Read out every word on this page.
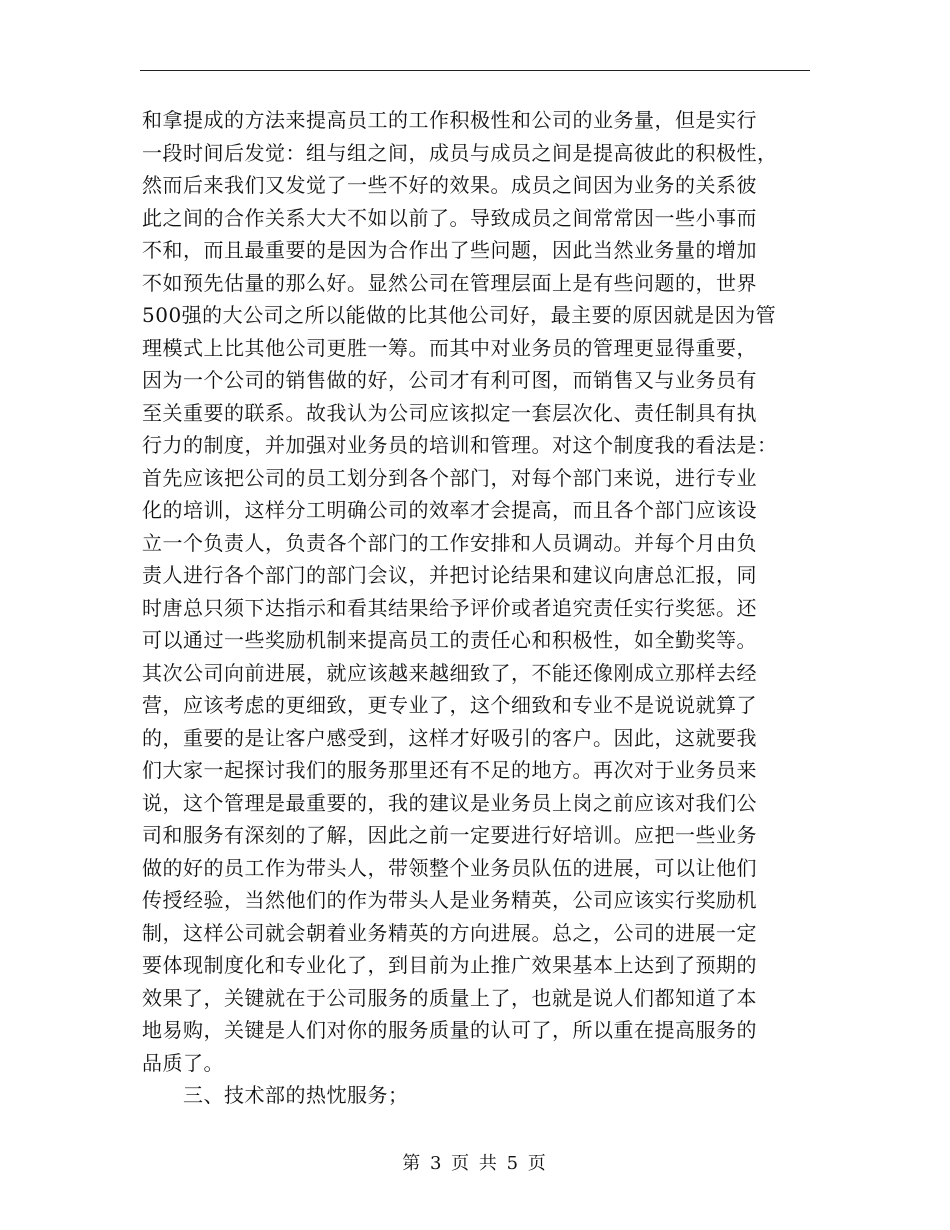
和拿提成的方法来提高员工的工作积极性和公司的业务量，但是实行
一段时间后发觉：组与组之间，成员与成员之间是提高彼此的积极性，
然而后来我们又发觉了一些不好的效果。成员之间因为业务的关系彼
此之间的合作关系大大不如以前了。导致成员之间常常因一些小事而
不和，而且最重要的是因为合作出了些问题，因此当然业务量的增加
不如预先估量的那么好。显然公司在管理层面上是有些问题的，世界
500强的大公司之所以能做的比其他公司好，最主要的原因就是因为管
理模式上比其他公司更胜一筹。而其中对业务员的管理更显得重要，
因为一个公司的销售做的好，公司才有利可图，而销售又与业务员有
至关重要的联系。故我认为公司应该拟定一套层次化、责任制具有执
行力的制度，并加强对业务员的培训和管理。对这个制度我的看法是：
首先应该把公司的员工划分到各个部门，对每个部门来说，进行专业
化的培训，这样分工明确公司的效率才会提高，而且各个部门应该设
立一个负责人，负责各个部门的工作安排和人员调动。并每个月由负
责人进行各个部门的部门会议，并把讨论结果和建议向唐总汇报，同
时唐总只须下达指示和看其结果给予评价或者追究责任实行奖惩。还
可以通过一些奖励机制来提高员工的责任心和积极性，如全勤奖等。
其次公司向前进展，就应该越来越细致了，不能还像刚成立那样去经
营，应该考虑的更细致，更专业了，这个细致和专业不是说说就算了
的，重要的是让客户感受到，这样才好吸引的客户。因此，这就要我
们大家一起探讨我们的服务那里还有不足的地方。再次对于业务员来
说，这个管理是最重要的，我的建议是业务员上岗之前应该对我们公
司和服务有深刻的了解，因此之前一定要进行好培训。应把一些业务
做的好的员工作为带头人，带领整个业务员队伍的进展，可以让他们
传授经验，当然他们的作为带头人是业务精英，公司应该实行奖励机
制，这样公司就会朝着业务精英的方向进展。总之，公司的进展一定
要体现制度化和专业化了，到目前为止推广效果基本上达到了预期的
效果了，关键就在于公司服务的质量上了，也就是说人们都知道了本
地易购，关键是人们对你的服务质量的认可了，所以重在提高服务的
品质了。
三、技术部的热忱服务；
第 3 页 共 5 页
